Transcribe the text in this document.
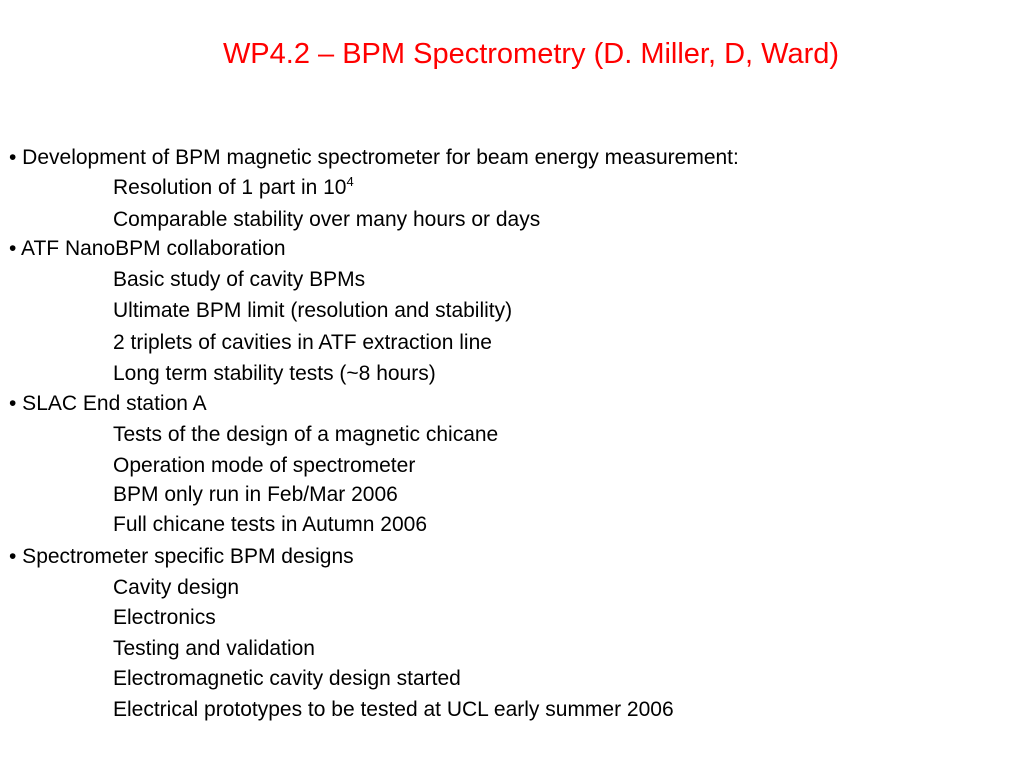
WP4.2 – BPM Spectrometry (D. Miller, D, Ward)
• Development of BPM magnetic spectrometer for beam energy measurement:
Resolution of 1 part in $10^4$
Comparable stability over many hours or days
• ATF NanoBPM collaboration
Basic study of cavity BPMs
Ultimate BPM limit (resolution and stability)
2 triplets of cavities in ATF extraction line
Long term stability tests (~8 hours)
• SLAC End station A
Tests of the design of a magnetic chicane
Operation mode of spectrometer
BPM only run in Feb/Mar 2006
Full chicane tests in Autumn 2006
• Spectrometer specific BPM designs
Cavity design
Electronics
Testing and validation
Electromagnetic cavity design started
Electrical prototypes to be tested at UCL early summer 2006
